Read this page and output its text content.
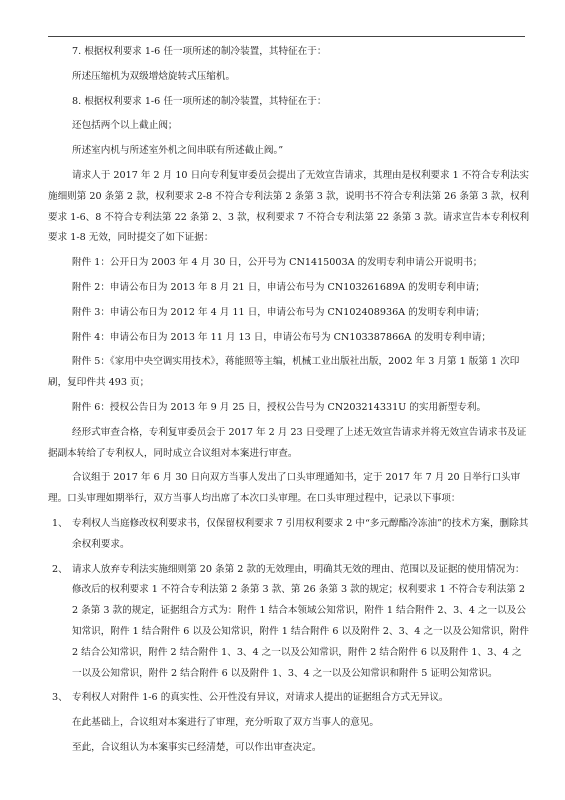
7. 根据权利要求 1-6 任一项所述的制冷装置，其特征在于：

所述压缩机为双级增焓旋转式压缩机。

8. 根据权利要求 1-6 任一项所述的制冷装置，其特征在于：

还包括两个以上截止阀；

所述室内机与所述室外机之间串联有所述截止阀。”

请求人于 2017 年 2 月 10 日向专利复审委员会提出了无效宣告请求，其理由是权利要求 1 不符合专利法实施细则第 20 条第 2 款，权利要求 2-8 不符合专利法第 2 条第 3 款，说明书不符合专利法第 26 条第 3 款，权利要求 1-6、8 不符合专利法第 22 条第 2、3 款，权利要求 7 不符合专利法第 22 条第 3 款。请求宣告本专利权利要求 1-8 无效，同时提交了如下证据：

附件 1：公开日为 2003 年 4 月 30 日，公开号为 CN1415003A 的发明专利申请公开说明书；

附件 2：申请公布日为 2013 年 8 月 21 日，申请公布号为 CN103261689A 的发明专利申请；

附件 3：申请公布日为 2012 年 4 月 11 日，申请公布号为 CN102408936A 的发明专利申请；

附件 4：申请公布日为 2013 年 11 月 13 日，申请公布号为 CN103387866A 的发明专利申请；

附件 5：《家用中央空调实用技术》，蒋能照等主编，机械工业出版社出版，2002 年 3 月第 1 版第 1 次印刷，复印件共 493 页；

附件 6：授权公告日为 2013 年 9 月 25 日，授权公告号为 CN203214331U 的实用新型专利。

经形式审查合格，专利复审委员会于 2017 年 2 月 23 日受理了上述无效宣告请求并将无效宣告请求书及证据副本转给了专利权人，同时成立合议组对本案进行审查。

合议组于 2017 年 6 月 30 日向双方当事人发出了口头审理通知书，定于 2017 年 7 月 20 日举行口头审理。口头审理如期举行，双方当事人均出席了本次口头审理。在口头审理过程中，记录以下事项：

1、 专利权人当庭修改权利要求书，仅保留权利要求 7 引用权利要求 2 中“多元醇酯冷冻油”的技术方案，删除其余权利要求。
2、 请求人放弃专利法实施细则第 20 条第 2 款的无效理由，明确其无效的理由、范围以及证据的使用情况为：修改后的权利要求 1 不符合专利法第 2 条第 3 款、第 26 条第 3 款的规定；权利要求 1 不符合专利法第 22 条第 3 款的规定，证据组合方式为：附件 1 结合本领域公知常识，附件 1 结合附件 2、3、4 之一以及公知常识，附件 1 结合附件 6 以及公知常识，附件 1 结合附件 6 以及附件 2、3、4 之一以及公知常识，附件 2 结合公知常识，附件 2 结合附件 1、3、4 之一以及公知常识，附件 2 结合附件 6 以及附件 1、3、4 之一以及公知常识，附件 2 结合附件 6 以及附件 1、3、4 之一以及公知常识和附件 5 证明公知常识。
3、 专利权人对附件 1-6 的真实性、公开性没有异议，对请求人提出的证据组合方式无异议。

在此基础上，合议组对本案进行了审理，充分听取了双方当事人的意见。

至此，合议组认为本案事实已经清楚，可以作出审查决定。
